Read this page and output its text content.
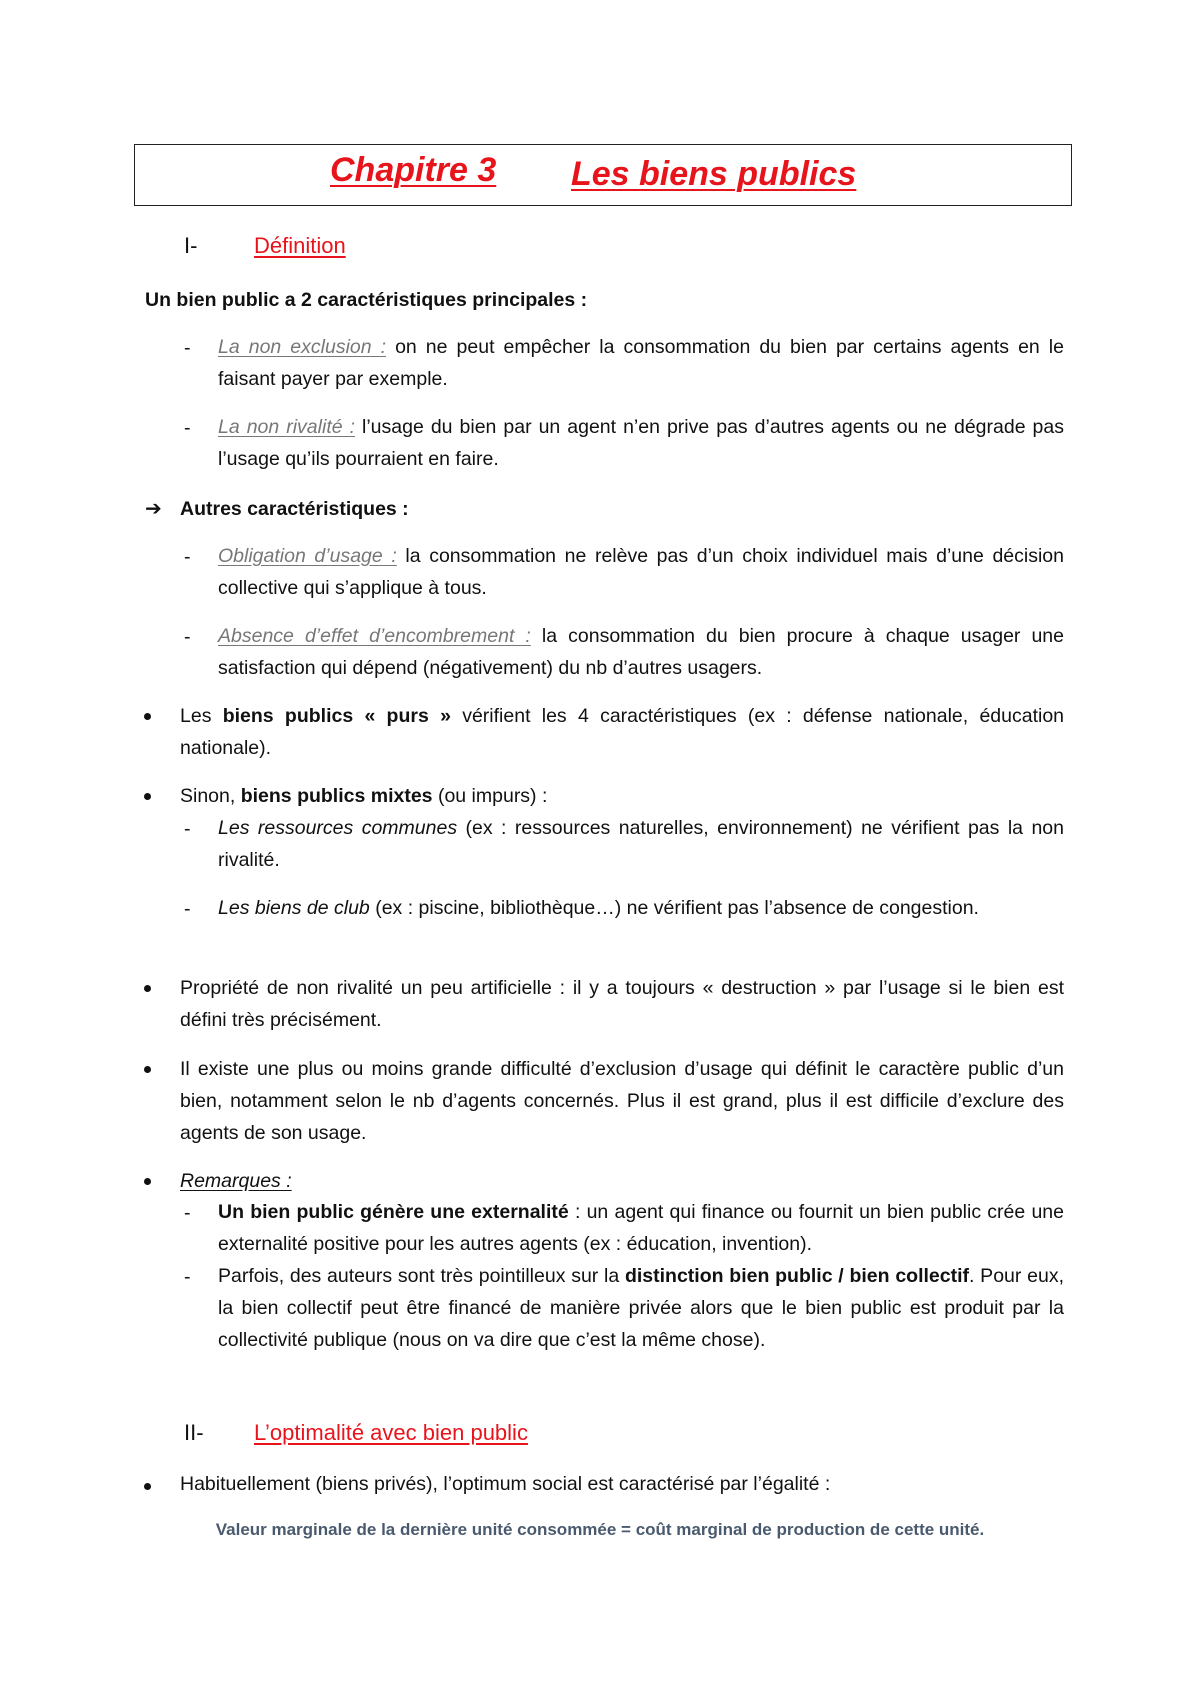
Chapitre 3 Les biens publics
I-	Définition
Un bien public a 2 caractéristiques principales :
- La non exclusion : on ne peut empêcher la consommation du bien par certains agents en le faisant payer par exemple.
- La non rivalité : l’usage du bien par un agent n’en prive pas d’autres agents ou ne dégrade pas l’usage qu’ils pourraient en faire.
➔ Autres caractéristiques :
- Obligation d’usage : la consommation ne relève pas d’un choix individuel mais d’une décision collective qui s’applique à tous.
- Absence d’effet d’encombrement : la consommation du bien procure à chaque usager une satisfaction qui dépend (négativement) du nb d’autres usagers.
Les biens publics « purs » vérifient les 4 caractéristiques (ex : défense nationale, éducation nationale).
Sinon, biens publics mixtes (ou impurs) :
- Les ressources communes (ex : ressources naturelles, environnement) ne vérifient pas la non rivalité.
- Les biens de club (ex : piscine, bibliothèque…) ne vérifient pas l’absence de congestion.
Propriété de non rivalité un peu artificielle : il y a toujours « destruction » par l’usage si le bien est défini très précisément.
Il existe une plus ou moins grande difficulté d’exclusion d’usage qui définit le caractère public d’un bien, notamment selon le nb d’agents concernés. Plus il est grand, plus il est difficile d’exclure des agents de son usage.
Remarques :
- Un bien public génère une externalité : un agent qui finance ou fournit un bien public crée une externalité positive pour les autres agents (ex : éducation, invention).
- Parfois, des auteurs sont très pointilleux sur la distinction bien public / bien collectif. Pour eux, la bien collectif peut être financé de manière privée alors que le bien public est produit par la collectivité publique (nous on va dire que c’est la même chose).
II-	L’optimalité avec bien public
Habituellement (biens privés), l’optimum social est caractérisé par l’égalité :
Valeur marginale de la dernière unité consommée = coût marginal de production de cette unité.
